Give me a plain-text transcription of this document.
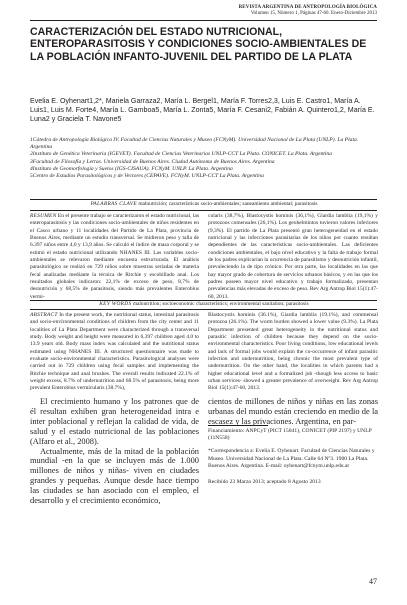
REVISTA ARGENTINA DE ANTROPOLOGÍA BIOLÓGICA
Volumen 15, Número 1, Páginas 47-60. Enero-Diciembre 2013
CARACTERIZACIÓN DEL ESTADO NUTRICIONAL, ENTEROPARASITOSIS Y CONDICIONES SOCIO-AMBIENTALES DE LA POBLACIÓN INFANTO-JUVENIL DEL PARTIDO DE LA PLATA
Evelia E. Oyhenart1,2*, Mariela Garraza2, María L. Bergel1, María F. Torres2,3, Luis E. Castro1, María A. Luis1, Luis M. Forte4, María L. Gamboa5, María L. Zonta5, María F. Cesani2, Fabián A. Quintero1,2, María E. Luna2 y Graciela T. Navone5
1Cátedra de Antropología Biológica IV. Facultad de Ciencias Naturales y Museo (FCNyM). Universidad Nacional de La Plata (UNLP). La Plata. Argentina
2Instituto de Genética Veterinaria (IGEVET). Facultad de Ciencias Veterinarias UNLP-CCT La Plata. CONICET. La Plata. Argentina
3Facultad de Filosofía y Letras. Universidad de Buenos Aires. Ciudad Autónoma de Buenos Aires. Argentina
4Instituto de Geomorfología y Suelos (IGS-CISAUA). FCNyM. UNLP. La Plata. Argentina
5Centro de Estudios Parasitológicos y de Vectores (CEPAVE). FCNyM. UNLP-CCT La Plata. Argentina
PALABRAS CLAVE malnutrición; características socio-ambientales; saneamiento ambiental; parasitosis
RESUMEN En el presente trabajo se caracterizaron el estado nutricional, las enteroparasitosis y las condiciones socio-ambientales de niños residentes en el Casco urbano y 11 localidades del Partido de La Plata, provincia de Buenos Aires, mediante un estudio transversal. Se midieron peso y talla de 6.397 niños entre 4,0 y 13,9 años. Se calculó el índice de masa corporal y se estimó el estado nutricional utilizando NHANES III. Las variables socio-ambientales se relevaron mediante encuesta estructurada. El análisis parasitológico se realizó en 729 niños sobre muestras seriadas de materia fecal analizadas mediante la técnica de Ritchie y escobillado anal. Los resultados globales indicaron: 22,1% de exceso de peso, 8,7% de desnutrición y 68,5% de parasitosis, siendo más prevalentes Enterobius vermi-
cularis (38,7%), Blastocystis hominis (36,1%), Giardia lamblia (19,1%) y protozoos comensales (26,1%). Los geohelmintos tuvieron valores inferiores (9,3%). El partido de La Plata presentó gran heterogeneidad en el estado nutricional y las infecciones parasitarias de los niños por cuanto resultan dependientes de las características socio-ambientales. Las deficientes condiciones ambientales, el bajo nivel educativo y la falta de trabajo formal de los padres explicarían la ocurrencia de parasitismo y desnutrición infantil, prevaleciendo la de tipo crónico. Por otra parte, las localidades en las que hay mayor grado de cobertura de servicios urbanos básicos, y en las que los padres poseen mayor nivel educativo y trabajo formalizado, presentan prevalencias más elevadas de exceso de peso. Rev Arg Antrop Biol 15(1):47-60, 2013.
KEY WORDS malnutrition; socioeconomic characteristics; environmental sanitation; parasitosis
ABSTRACT In the present work, the nutritional status, intestinal parasitosis and socio-environmental conditions of children from the city center and 11 localities of La Plata Department were characterized through a transversal study. Body weight and height were measured in 6,397 children aged 4.0 to 13.9 years old. Body mass index was calculated and the nutritional status estimated using NHANES III. A structured questionnaire was made to evaluate socio-environmental characteristics. Parasitological analyses were carried out in 729 children using fecal samples and implementing the Ritchie technique and anal brushes. The overall results indicated 22.1% of weight excess, 8.7% of undernutrition and 68.5% of parasitosis, being more prevalent Enterobius vermicularis (38.7%),
Blastocystis hominis (36.1%), Giardia lamblia (19.1%), and commensal protozoa (26.1%). The worm burden showed a lower value (9.3%). La Plata Department presented great heterogeneity in the nutritional status and parasitic infection of children because they depend on the socio-environmental characteristics. Poor living conditions, low educational levels and lack of formal jobs would explain the co-occurrence of infant parasitic infection and undernutrition, being chronic the most prevalent type of undernutrition. On the other hand, the localities in which parents had a higher educational level and a formalized job -though less access to basic urban services- showed a greater prevalence of overweight. Rev Arg Antrop Biol 15(1):47-60, 2013.

El crecimiento humano y los patrones que de él resultan exhiben gran heterogeneidad intra e inter poblacional y reflejan la calidad de vida, de salud y el estado nutricional de las poblaciones (Alfaro et al., 2008).

Actualmente, más de la mitad de la población mundial -en la que se incluyen más de 1.000 millones de niños y niñas- viven en ciudades grandes y pequeñas. Aunque desde hace tiempo las ciudades se han asociado con el empleo, el desarrollo y el crecimiento económico,

cientos de millones de niños y niñas en las zonas urbanas del mundo están creciendo en medio de la escasez y las privaciones. Argentina, en par-

Financiamiento: ANPCyT (PICT 15041), CONICET (PIP 2197) y UNLP (11N558)
*Correspondencia a: Evelia E. Oyhenart. Facultad de Ciencias Naturales y Museo. Universidad Nacional de La Plata. Calle 64 Nº3. 1900 La Plata. Buenos Aires. Argentina. E-mail: oyhenart@fcnym.unlp.edu.ar
Recibido 23 Marzo 2013; aceptado 8 Agosto 2013
47
